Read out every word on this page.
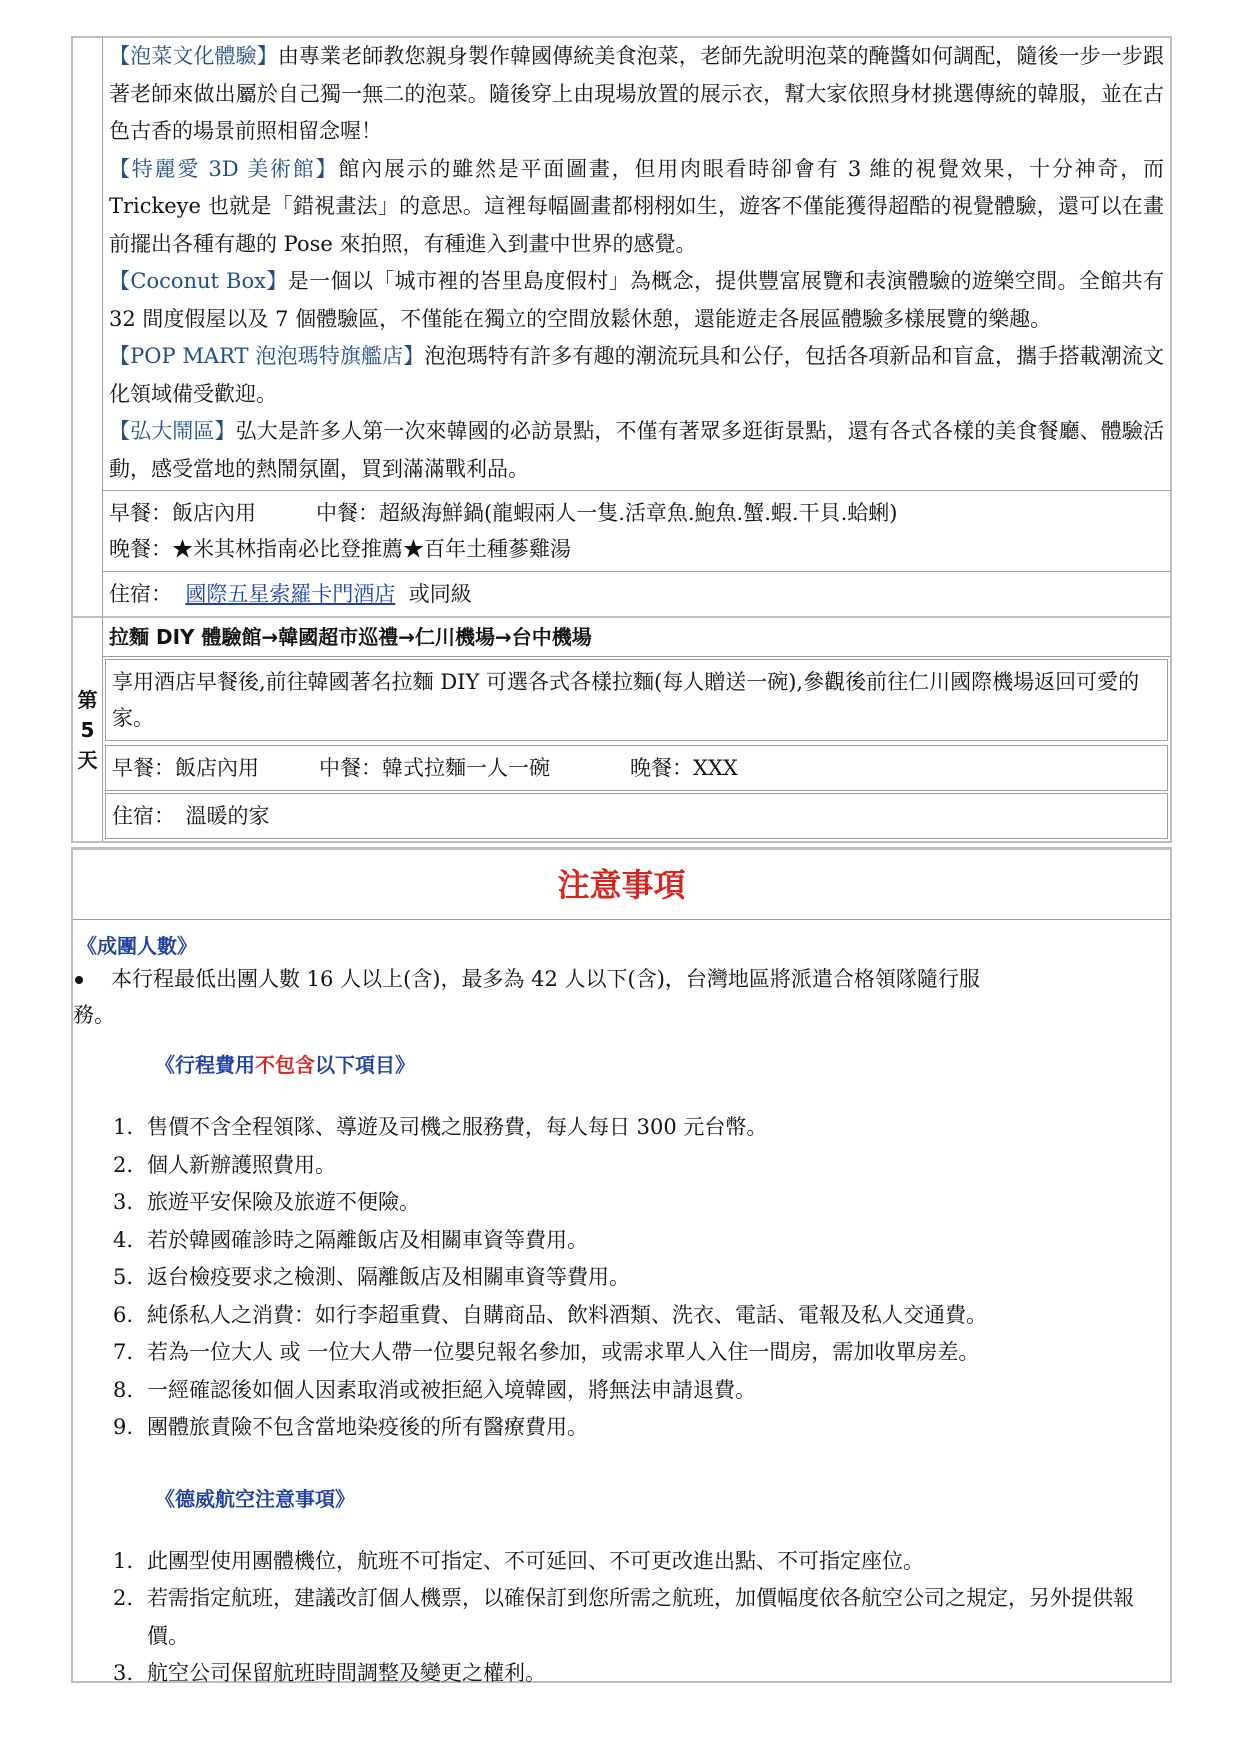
【泡菜文化體驗】由專業老師教您親身製作韓國傳統美食泡菜，老師先說明泡菜的醃醬如何調配，隨後一步一步跟著老師來做出屬於自己獨一無二的泡菜。隨後穿上由現場放置的展示衣，幫大家依照身材挑選傳統的韓服，並在古色古香的場景前照相留念喔！

【特麗愛 3D 美術館】館內展示的雖然是平面圖畫，但用肉眼看時卻會有 3 維的視覺效果，十分神奇，而 Trickeye 也就是「錯視畫法」的意思。這裡每幅圖畫都栩栩如生，遊客不僅能獲得超酷的視覺體驗，還可以在畫前擺出各種有趣的 Pose 來拍照，有種進入到畫中世界的感覺。

【Coconut Box】是一個以「城市裡的峇里島度假村」為概念，提供豐富展覽和表演體驗的遊樂空間。全館共有 32 間度假屋以及 7 個體驗區，不僅能在獨立的空間放鬆休憩，還能遊走各展區體驗多樣展覽的樂趣。

【POP MART 泡泡瑪特旗艦店】泡泡瑪特有許多有趣的潮流玩具和公仔，包括各項新品和盲盒，攜手搭載潮流文化領域備受歡迎。

【弘大鬧區】弘大是許多人第一次來韓國的必訪景點，不僅有著眾多逛街景點，還有各式各樣的美食餐廳、體驗活動，感受當地的熱鬧氛圍，買到滿滿戰利品。

早餐：飯店內用	中餐：超級海鮮鍋(龍蝦兩人一隻.活章魚.鮑魚.蟹.蝦.干貝.蛤蜊)
晚餐：★米其林指南必比登推薦★百年土種蔘雞湯
住宿： 國際五星索羅卡門酒店 或同級
第
5
天
拉麵 DIY 體驗館→韓國超市巡禮→仁川機場→台中機場
享用酒店早餐後,前往韓國著名拉麵 DIY 可選各式各樣拉麵(每人贈送一碗),參觀後前往仁川國際機場返回可愛的家。
早餐：飯店內用	中餐：韓式拉麵一人一碗	晚餐：XXX
住宿：　溫暖的家
注意事項
《成團人數》
本行程最低出團人數 16 人以上(含)，最多為 42 人以下(含)，台灣地區將派遣合格領隊隨行服
務。
《行程費用不包含以下項目》
1. 售價不含全程領隊、導遊及司機之服務費，每人每日 300 元台幣。
2. 個人新辦護照費用。
3. 旅遊平安保險及旅遊不便險。
4. 若於韓國確診時之隔離飯店及相關車資等費用。
5. 返台檢疫要求之檢測、隔離飯店及相關車資等費用。
6. 純係私人之消費：如行李超重費、自購商品、飲料酒類、洗衣、電話、電報及私人交通費。
7. 若為一位大人 或 一位大人帶一位嬰兒報名參加，或需求單人入住一間房，需加收單房差。
8. 一經確認後如個人因素取消或被拒絕入境韓國，將無法申請退費。
9. 團體旅責險不包含當地染疫後的所有醫療費用。
《德威航空注意事項》
1. 此團型使用團體機位，航班不可指定、不可延回、不可更改進出點、不可指定座位。
2. 若需指定航班，建議改訂個人機票，以確保訂到您所需之航班，加價幅度依各航空公司之規定，另外提供報價。
3. 航空公司保留航班時間調整及變更之權利。
